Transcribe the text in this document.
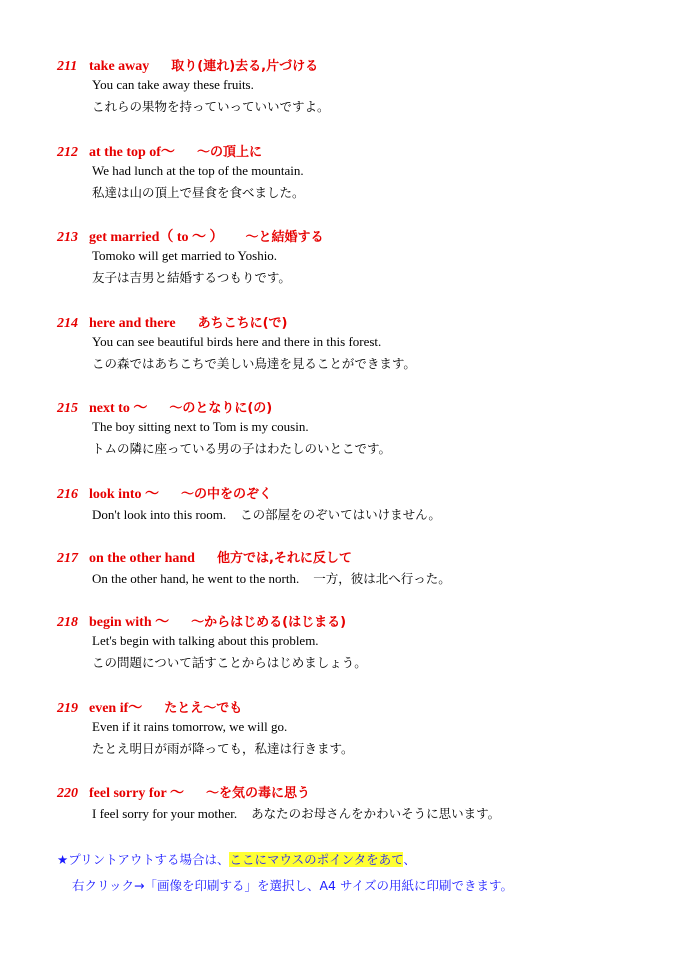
211 take away 取り(連れ)去る,片づける
You can take away these fruits.
これらの果物を持っていっていいですよ。
212 at the top of～ ～の頂上に
We had lunch at the top of the mountain.
私達は山の頂上で昼食を食べました。
213 get married（ to ～ ） ～と結婚する
Tomoko will get married to Yoshio.
友子は吉男と結婚するつもりです。
214 here and there あちこちに(で)
You can see beautiful birds here and there in this forest.
この森ではあちこちで美しい鳥達を見ることができます。
215 next to ～ ～のとなりに(の)
The boy sitting next to Tom is my cousin.
トムの隣に座っている男の子はわたしのいとこです。
216 look into ～ ～の中をのぞく
Don't look into this room. この部屋をのぞいてはいけません。
217 on the other hand 他方では,それに反して
On the other hand, he went to the north. 一方，彼は北へ行った。
218 begin with ～ ～からはじめる(はじまる)
Let's begin with talking about this problem.
この問題について話すことからはじめましょう。
219 even if～ たとえ～でも
Even if it rains tomorrow, we will go.
たとえ明日が雨が降っても，私達は行きます。
220 feel sorry for ～ ～を気の毒に思う
I feel sorry for your mother. あなたのお母さんをかわいそうに思います。
★プリントアウトする場合は、ここにマウスのポインタをあて、
右クリック→「画像を印刷する」を選択し、A4 サイズの用紙に印刷できます。
